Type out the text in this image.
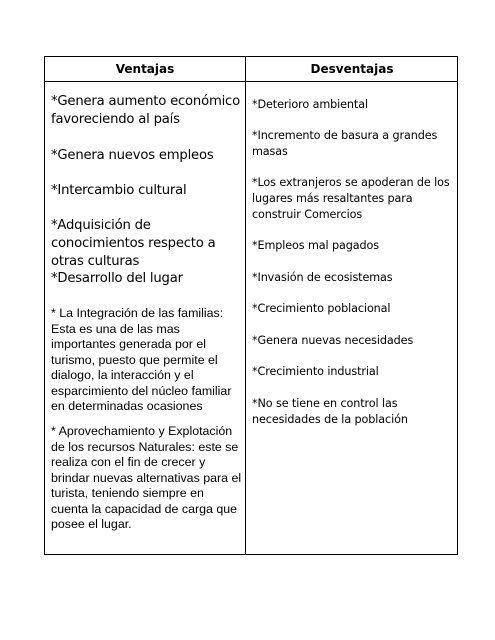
Ventajas	Desventajas

*Genera aumento económico favoreciendo al país

*Genera nuevos empleos

*Intercambio cultural

*Adquisición de conocimientos respecto a otras culturas

*Desarrollo del lugar

* La Integración de las familias: Esta es una de las mas importantes generada por el turismo, puesto que permite el dialogo, la interacción y el esparcimiento del núcleo familiar en determinadas ocasiones

* Aprovechamiento y Explotación de los recursos Naturales: este se realiza con el fin de crecer y brindar nuevas alternativas para el turista, teniendo siempre en cuenta la capacidad de carga que posee el lugar.

*Deterioro ambiental

*Incremento de basura a grandes masas

*Los extranjeros se apoderan de los lugares más resaltantes para construir Comercios

*Empleos mal pagados

*Invasión de ecosistemas

*Crecimiento poblacional

*Genera nuevas necesidades

*Crecimiento industrial

*No se tiene en control las necesidades de la población
